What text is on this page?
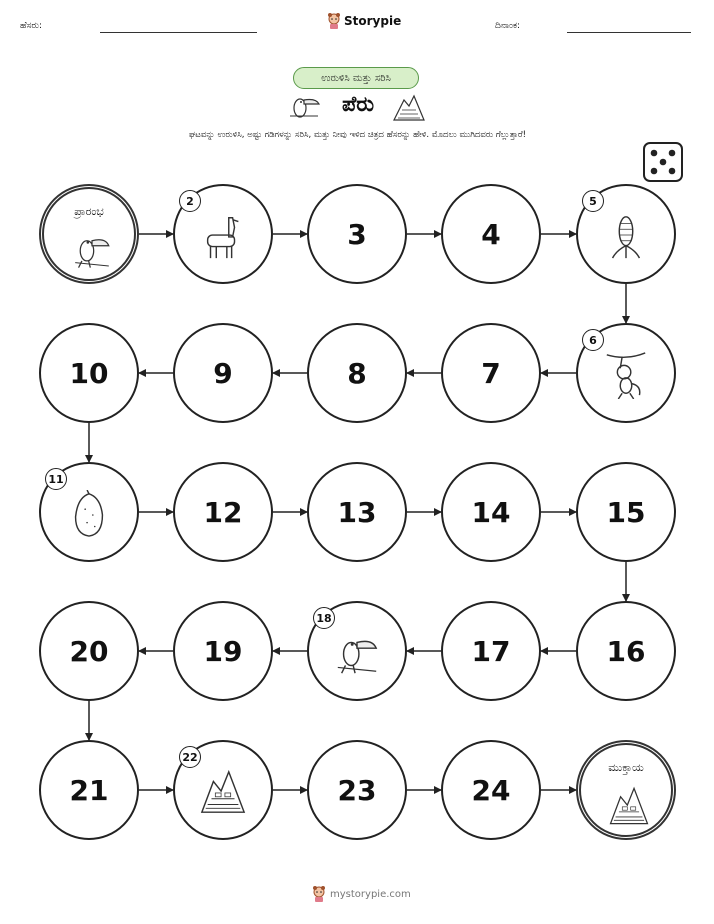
ಹೆಸರು:	Storypie	ದಿನಾಂಕ:
ಉರುಳಿಸಿ ಮತ್ತು ಸರಿಸಿ
ಪೆರು
ಘಟವನ್ನು ಉರುಳಿಸಿ, ಅಷ್ಟು ಗಡಿಗಳನ್ನು ಸರಿಸಿ, ಮತ್ತು ನೀವು ಇಳಿದ ಚಿತ್ರದ ಹೆಸರನ್ನು ಹೇಳಿ. ಮೊದಲು ಮುಗಿದವರು ಗೆಲ್ಲುತ್ತಾರೆ!
ಪ್ರಾರಂಭ
2
3	4
5
6
7
8
9
10
11
12	13	14	15
16
17
18
19
20
21
22
23	24
ಮುಕ್ತಾಯ
mystorypie.com
